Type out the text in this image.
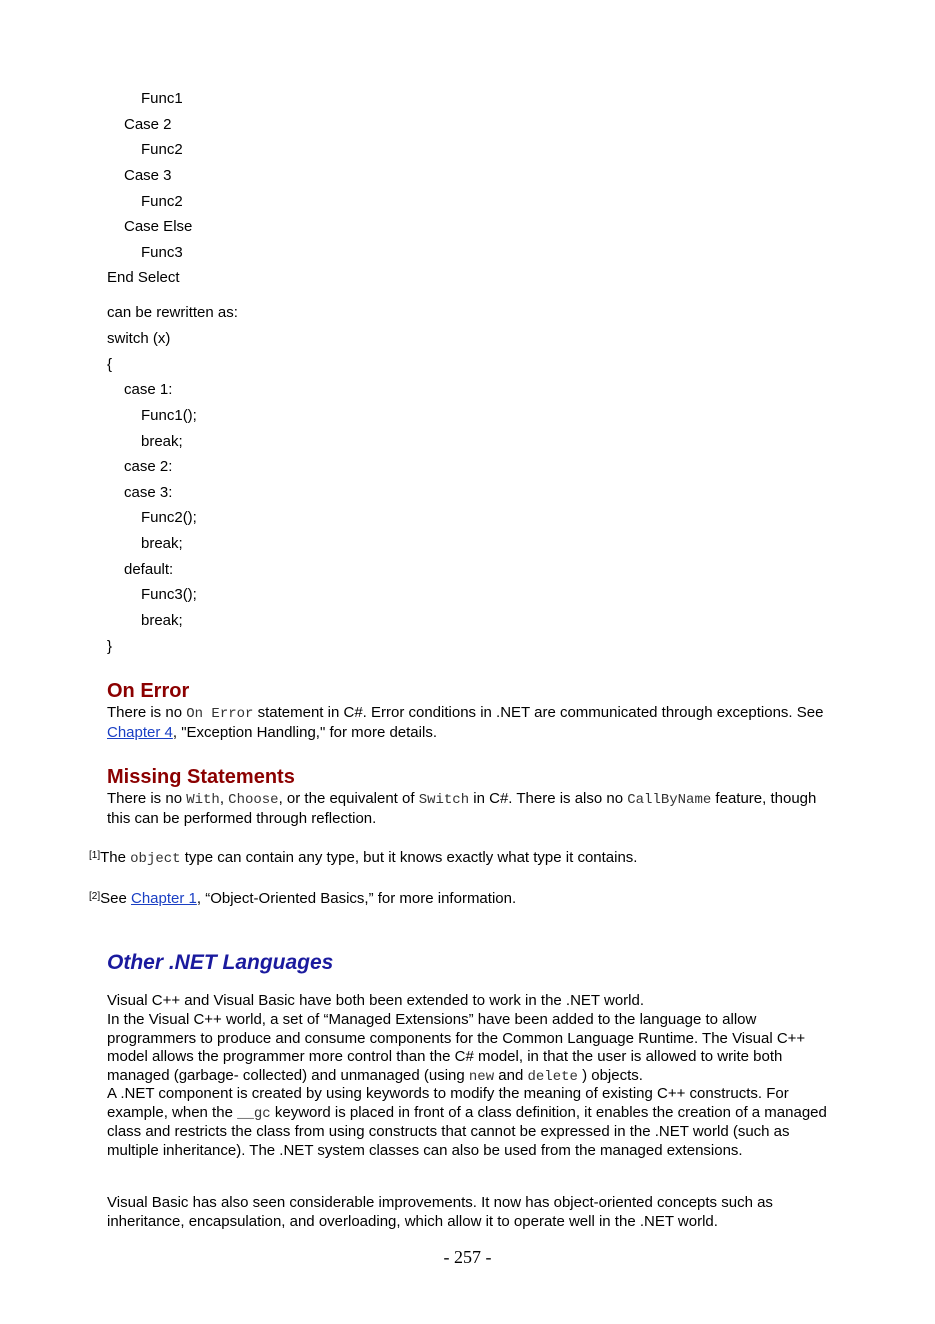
Func1
Case 2
Func2
Case 3
Func2
Case Else
Func3
End Select
can be rewritten as:
switch (x)
{
case 1:
Func1();
break;
case 2:
case 3:
Func2();
break;
default:
Func3();
break;
}
On Error
There is no On Error statement in C#. Error conditions in .NET are communicated through exceptions. See Chapter 4, "Exception Handling," for more details.
Missing Statements
There is no With, Choose, or the equivalent of Switch in C#. There is also no CallByName feature, though this can be performed through reflection.
[1]The object type can contain any type, but it knows exactly what type it contains.
[2]See Chapter 1, “Object-Oriented Basics,” for more information.
Other .NET Languages
Visual C++ and Visual Basic have both been extended to work in the .NET world.
In the Visual C++ world, a set of “Managed Extensions” have been added to the language to allow programmers to produce and consume components for the Common Language Runtime. The Visual C++ model allows the programmer more control than the C# model, in that the user is allowed to write both managed (garbage- collected) and unmanaged (using new and delete ) objects.
A .NET component is created by using keywords to modify the meaning of existing C++ constructs. For example, when the __gc keyword is placed in front of a class definition, it enables the creation of a managed class and restricts the class from using constructs that cannot be expressed in the .NET world (such as multiple inheritance). The .NET system classes can also be used from the managed extensions.
Visual Basic has also seen considerable improvements. It now has object-oriented concepts such as inheritance, encapsulation, and overloading, which allow it to operate well in the .NET world.
- 257 -
